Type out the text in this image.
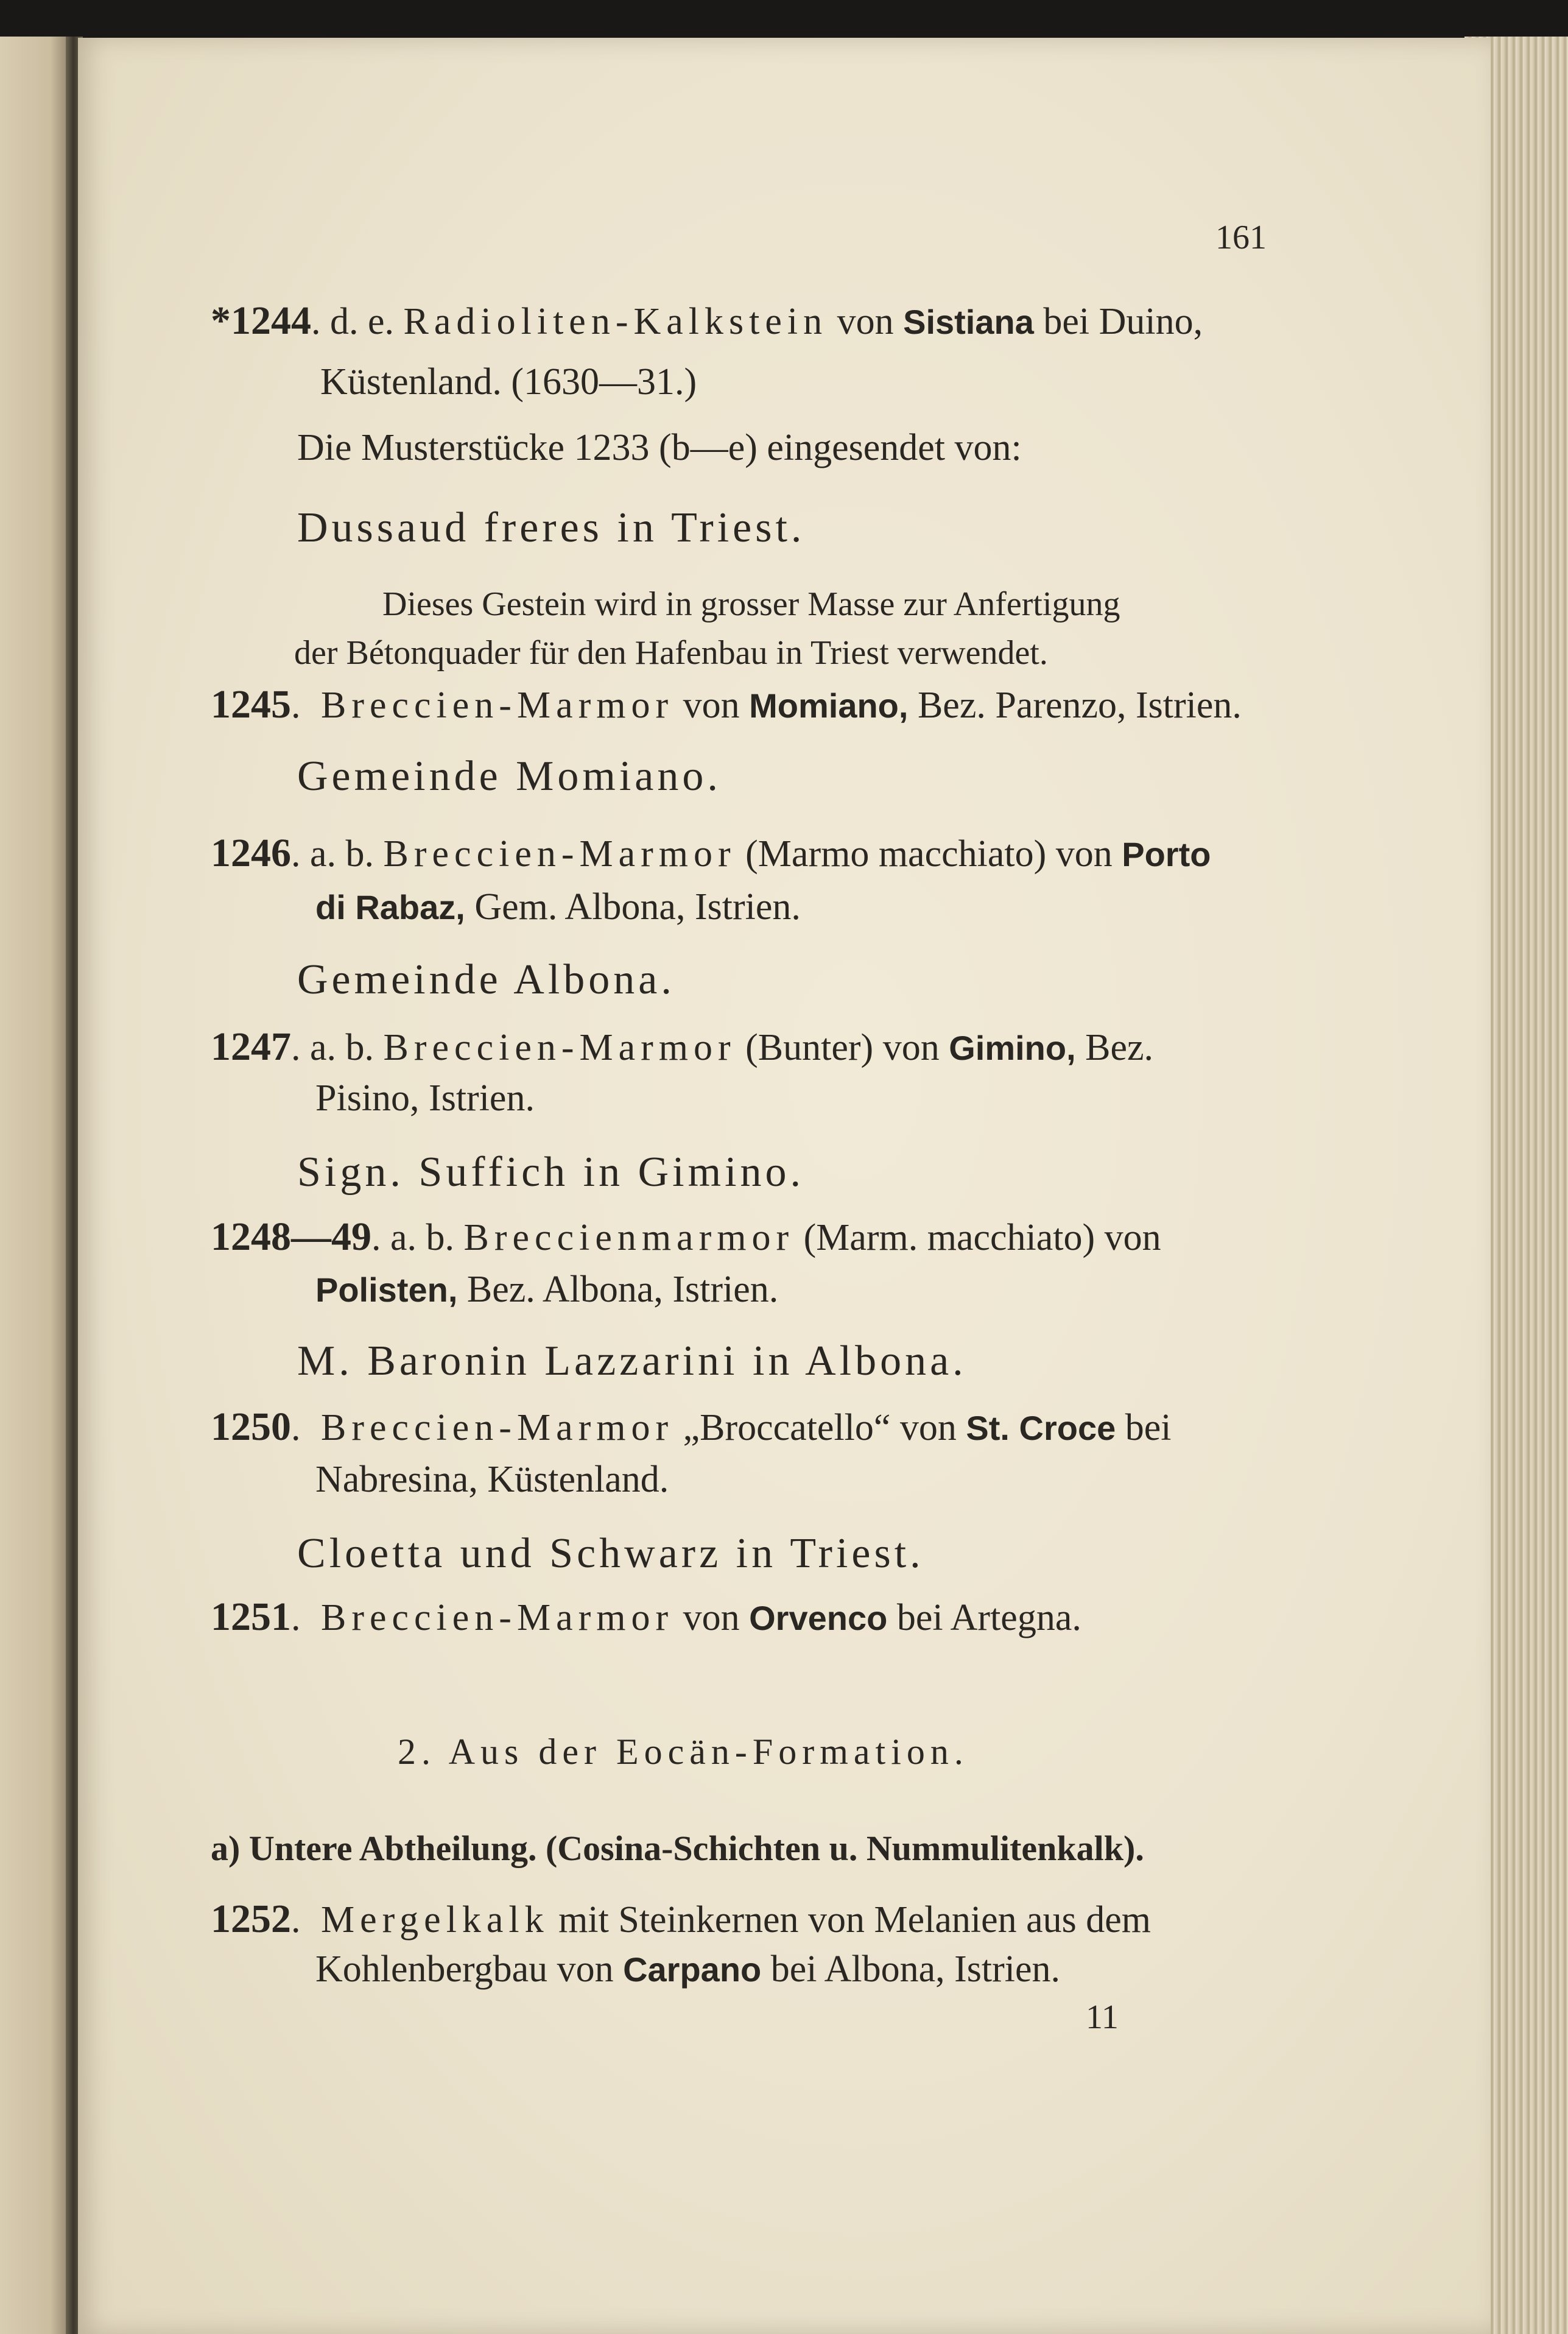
161
*1244. d. e. Radioliten-Kalkstein von Sistiana bei Duino,
Küstenland. (1630—31.)
Die Musterstücke 1233 (b—e) eingesendet von:
Dussaud freres in Triest.
Dieses Gestein wird in grosser Masse zur Anfertigung
der Bétonquader für den Hafenbau in Triest verwendet.
1245. Breccien-Marmor von Momiano, Bez. Parenzo, Istrien.
Gemeinde Momiano.
1246. a. b. Breccien-Marmor (Marmo macchiato) von Porto
di Rabaz, Gem. Albona, Istrien.
Gemeinde Albona.
1247. a. b. Breccien-Marmor (Bunter) von Gimino, Bez.
Pisino, Istrien.
Sign. Suffich in Gimino.
1248—49. a. b. Breccienmarmor (Marm. macchiato) von
Polisten, Bez. Albona, Istrien.
M. Baronin Lazzarini in Albona.
1250. Breccien-Marmor „Broccatello“ von St. Croce bei
Nabresina, Küstenland.
Cloetta und Schwarz in Triest.
1251. Breccien-Marmor von Orvenco bei Artegna.
2. Aus der Eocän-Formation.
a) Untere Abtheilung. (Cosina-Schichten u. Nummulitenkalk).
1252. Mergelkalk mit Steinkernen von Melanien aus dem
Kohlenbergbau von Carpano bei Albona, Istrien.
11
